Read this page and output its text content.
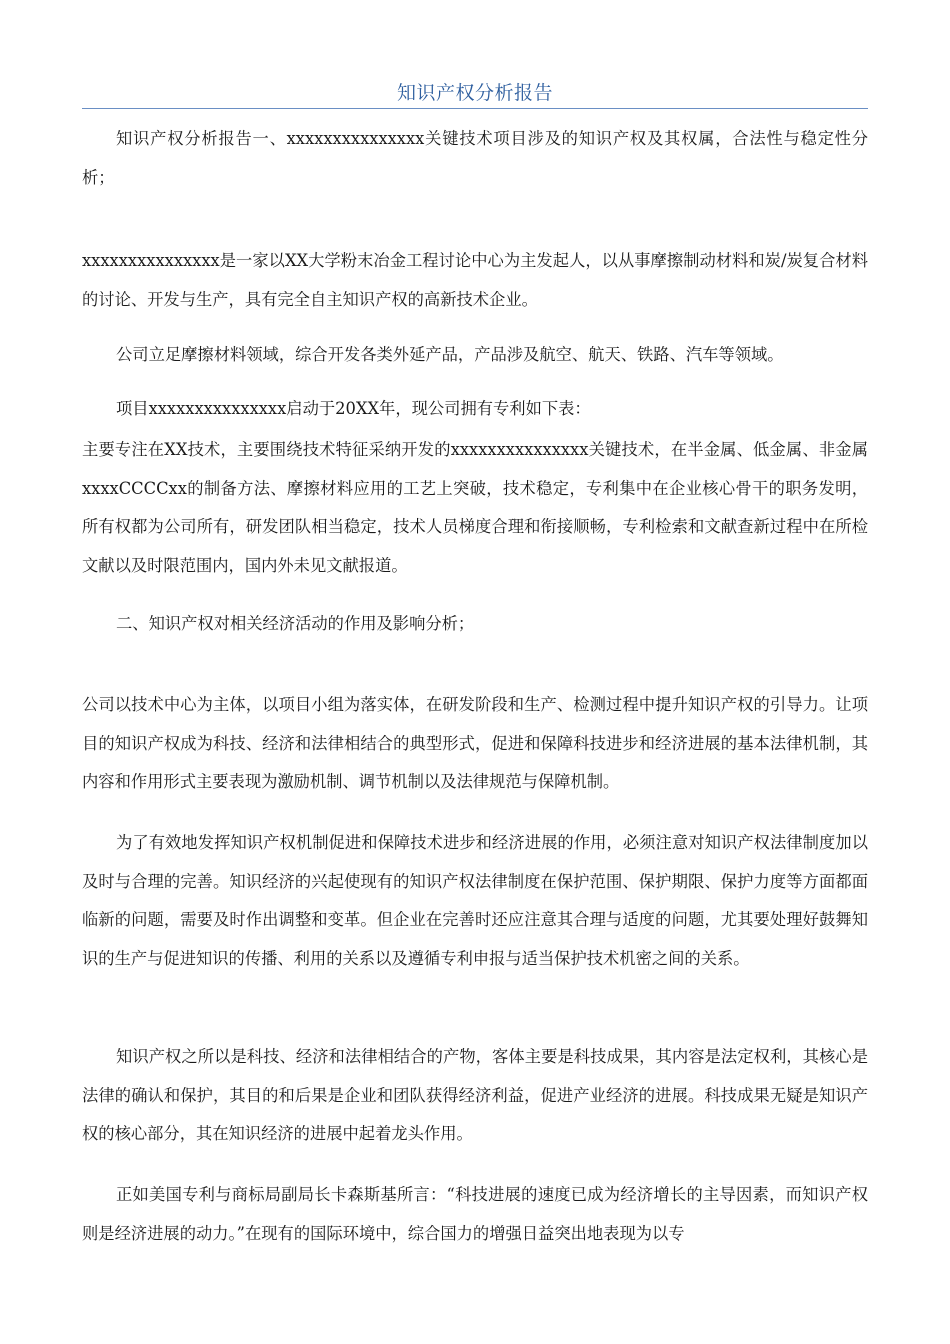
知识产权分析报告

知识产权分析报告一、xxxxxxxxxxxxxxx关键技术项目涉及的知识产权及其权属，合法性与稳定性分析；

xxxxxxxxxxxxxxx是一家以XX大学粉末冶金工程讨论中心为主发起人，以从事摩擦制动材料和炭/炭复合材料的讨论、开发与生产，具有完全自主知识产权的高新技术企业。

公司立足摩擦材料领域，综合开发各类外延产品，产品涉及航空、航天、铁路、汽车等领域。

项目xxxxxxxxxxxxxxx启动于20XX年，现公司拥有专利如下表：

主要专注在XX技术，主要围绕技术特征采纳开发的xxxxxxxxxxxxxxx关键技术，在半金属、低金属、非金属xxxxCCCCxx的制备方法、摩擦材料应用的工艺上突破，技术稳定，专利集中在企业核心骨干的职务发明，所有权都为公司所有，研发团队相当稳定，技术人员梯度合理和衔接顺畅，专利检索和文献查新过程中在所检文献以及时限范围内，国内外未见文献报道。

二、知识产权对相关经济活动的作用及影响分析；

公司以技术中心为主体，以项目小组为落实体，在研发阶段和生产、检测过程中提升知识产权的引导力。让项目的知识产权成为科技、经济和法律相结合的典型形式，促进和保障科技进步和经济进展的基本法律机制，其内容和作用形式主要表现为激励机制、调节机制以及法律规范与保障机制。

为了有效地发挥知识产权机制促进和保障技术进步和经济进展的作用，必须注意对知识产权法律制度加以及时与合理的完善。知识经济的兴起使现有的知识产权法律制度在保护范围、保护期限、保护力度等方面都面临新的问题，需要及时作出调整和变革。但企业在完善时还应注意其合理与适度的问题，尤其要处理好鼓舞知识的生产与促进知识的传播、利用的关系以及遵循专利申报与适当保护技术机密之间的关系。

知识产权之所以是科技、经济和法律相结合的产物，客体主要是科技成果，其内容是法定权利，其核心是法律的确认和保护，其目的和后果是企业和团队获得经济利益，促进产业经济的进展。科技成果无疑是知识产权的核心部分，其在知识经济的进展中起着龙头作用。

正如美国专利与商标局副局长卡森斯基所言：“科技进展的速度已成为经济增长的主导因素，而知识产权则是经济进展的动力。”在现有的国际环境中，综合国力的增强日益突出地表现为以专
